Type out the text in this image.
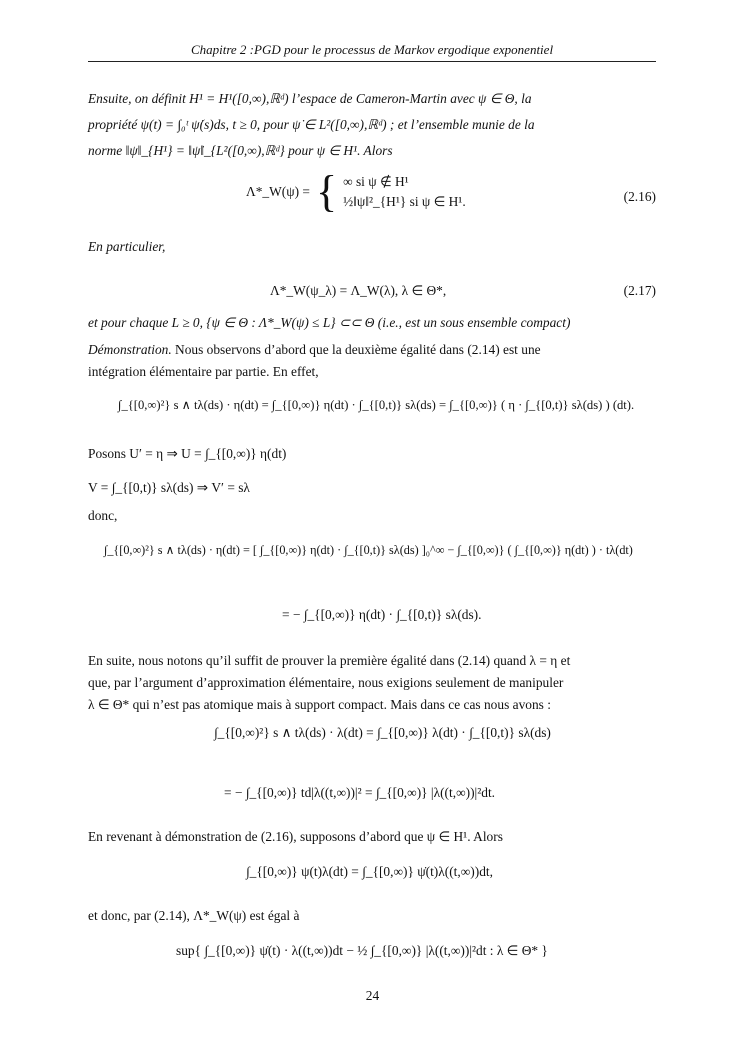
Chapitre 2 :PGD pour le processus de Markov ergodique exponentiel
Ensuite, on définit H¹ = H¹([0,∞),ℝᵈ) l’espace de Cameron-Martin avec ψ ∈ Θ, la
propriété ψ(t) = ∫₀ᵗ ψ̇(s)ds, t ≥ 0, pour ψ̇ ∈ L²([0,∞),ℝᵈ) ; et l’ensemble munie de la
norme ‖ψ‖_{H¹} = ‖ψ̇‖_{L²([0,∞),ℝᵈ} pour ψ ∈ H¹. Alors
Λ*_W(ψ) = { ∞ si ψ ∉ H¹
½‖ψ‖²_{H¹} si ψ ∈ H¹.	(2.16)
En particulier,
Λ*_W(ψ_λ) = Λ_W(λ), λ ∈ Θ*,	(2.17)
et pour chaque L ≥ 0, {ψ ∈ Θ : Λ*_W(ψ) ≤ L} ⊂⊂ Θ (i.e., est un sous ensemble compact)
Démonstration. Nous observons d’abord que la deuxième égalité dans (2.14) est une
intégration élémentaire par partie. En effet,
∫_{[0,∞)²} s ∧ tλ(ds) · η(dt) = ∫_{[0,∞)} η(dt) · ∫_{[0,t)} sλ(ds) = ∫_{[0,∞)} ( η · ∫_{[0,t)} sλ(ds) ) (dt).
Posons U′ = η ⇒ U = ∫_{[0,∞)} η(dt)
V = ∫_{[0,t)} sλ(ds) ⇒ V′ = sλ
donc,
∫_{[0,∞)²} s ∧ tλ(ds) · η(dt) = [ ∫_{[0,∞)} η(dt) · ∫_{[0,t)} sλ(ds) ]₀^∞ − ∫_{[0,∞)} ( ∫_{[0,∞)} η(dt) ) · tλ(dt)
= − ∫_{[0,∞)} η(dt) · ∫_{[0,t)} sλ(ds).
En suite, nous notons qu’il suffit de prouver la première égalité dans (2.14) quand λ = η et
que, par l’argument d’approximation élémentaire, nous exigions seulement de manipuler
λ ∈ Θ* qui n’est pas atomique mais à support compact. Mais dans ce cas nous avons :
∫_{[0,∞)²} s ∧ tλ(ds) · λ(dt) = ∫_{[0,∞)} λ(dt) · ∫_{[0,t)} sλ(ds)
= − ∫_{[0,∞)} td|λ((t,∞))|² = ∫_{[0,∞)} |λ((t,∞))|²dt.
En revenant à démonstration de (2.16), supposons d’abord que ψ ∈ H¹. Alors
∫_{[0,∞)} ψ(t)λ(dt) = ∫_{[0,∞)} ψ̇(t)λ((t,∞))dt,
et donc, par (2.14), Λ*_W(ψ) est égal à
sup{ ∫_{[0,∞)} ψ̇(t) · λ((t,∞))dt − ½ ∫_{[0,∞)} |λ((t,∞))|²dt : λ ∈ Θ* }
24
